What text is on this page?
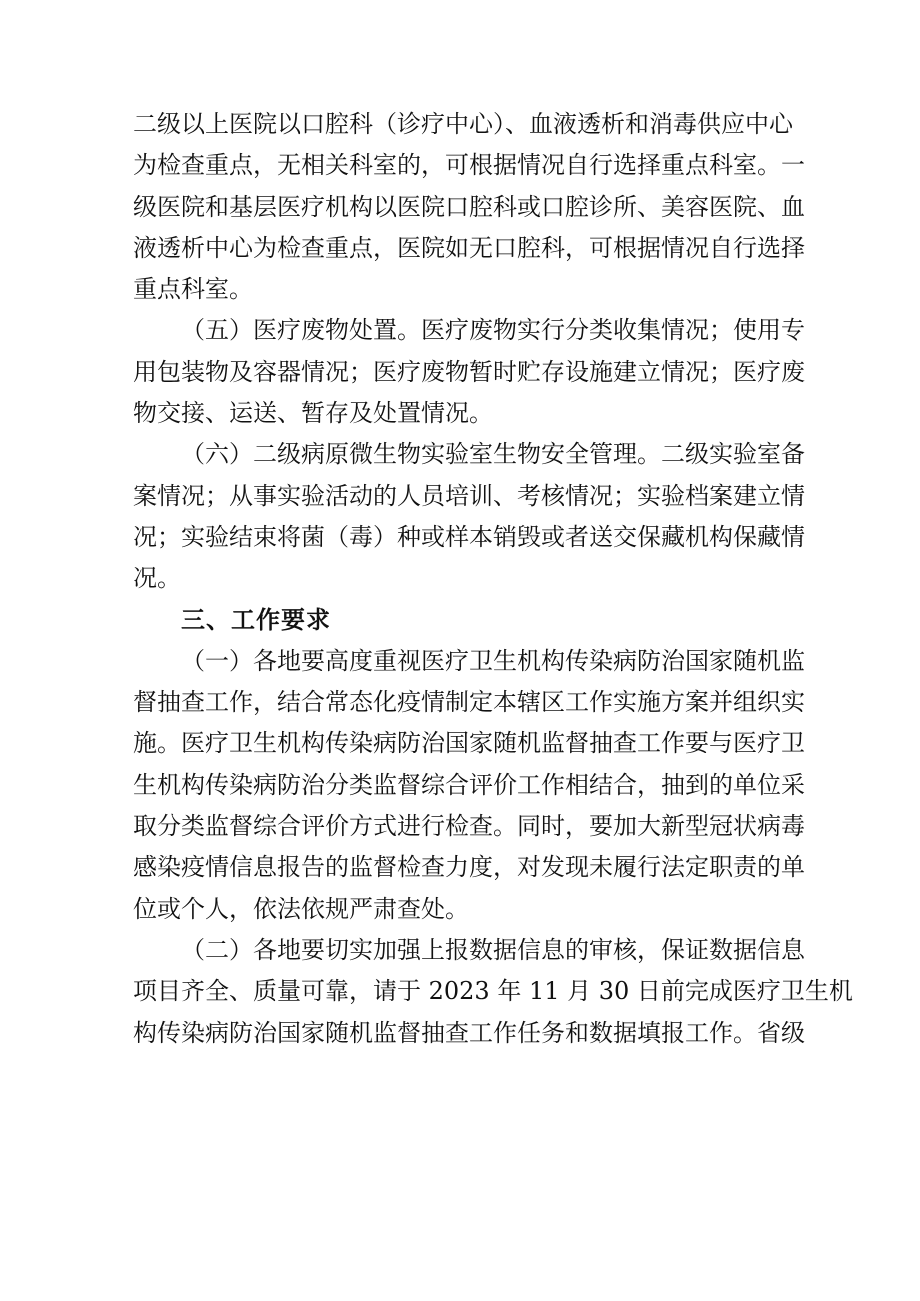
二级以上医院以口腔科（诊疗中心）、血液透析和消毒供应中心
为检查重点，无相关科室的，可根据情况自行选择重点科室。一
级医院和基层医疗机构以医院口腔科或口腔诊所、美容医院、血
液透析中心为检查重点，医院如无口腔科，可根据情况自行选择
重点科室。
（五）医疗废物处置。医疗废物实行分类收集情况；使用专
用包装物及容器情况；医疗废物暂时贮存设施建立情况；医疗废
物交接、运送、暂存及处置情况。
（六）二级病原微生物实验室生物安全管理。二级实验室备
案情况；从事实验活动的人员培训、考核情况；实验档案建立情
况；实验结束将菌（毒）种或样本销毁或者送交保藏机构保藏情
况。
三、工作要求
（一）各地要高度重视医疗卫生机构传染病防治国家随机监
督抽查工作，结合常态化疫情制定本辖区工作实施方案并组织实
施。医疗卫生机构传染病防治国家随机监督抽查工作要与医疗卫
生机构传染病防治分类监督综合评价工作相结合，抽到的单位采
取分类监督综合评价方式进行检查。同时，要加大新型冠状病毒
感染疫情信息报告的监督检查力度，对发现未履行法定职责的单
位或个人，依法依规严肃查处。
（二）各地要切实加强上报数据信息的审核，保证数据信息
项目齐全、质量可靠，请于 2023 年 11 月 30 日前完成医疗卫生机
构传染病防治国家随机监督抽查工作任务和数据填报工作。省级
